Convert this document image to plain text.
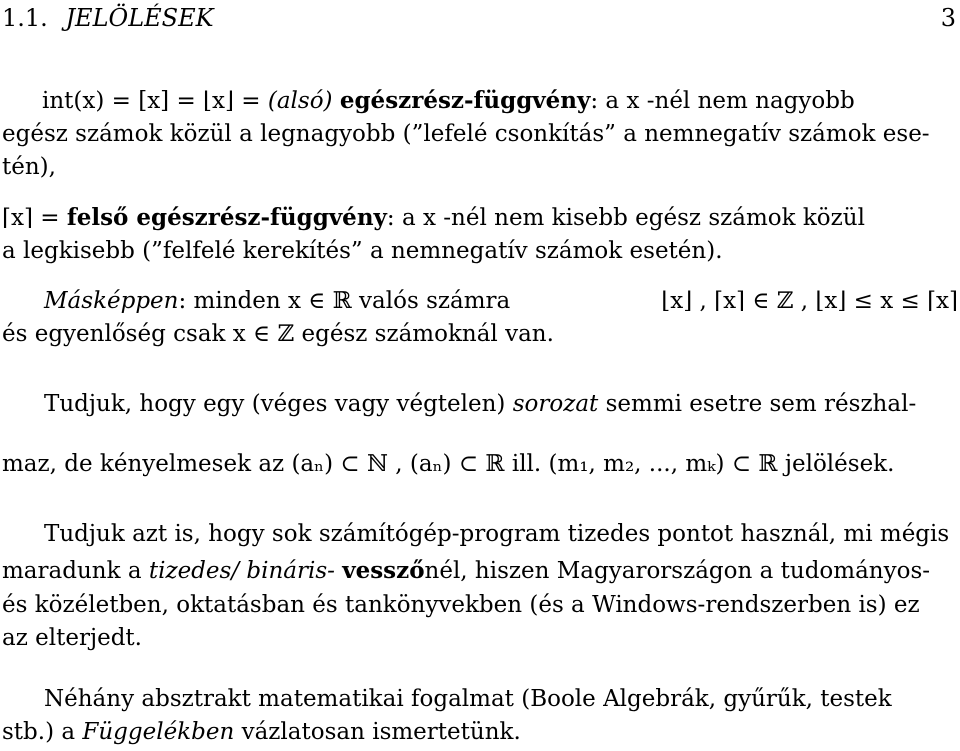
1.1. JELÖLÉSEK	3
int(x) = [x] = ⌊x⌋ = (alsó) egészrész-függvény: a x -nél nem nagyobb
egész számok közül a legnagyobb (”lefelé csonkítás” a nemnegatív számok ese-
tén),
⌈x⌉ = felső egészrész-függvény: a x -nél nem kisebb egész számok közül
a legkisebb (”felfelé kerekítés” a nemnegatív számok esetén).
Másképpen: minden x ∈ ℝ valós számra	⌊x⌋ , ⌈x⌉ ∈ ℤ , ⌊x⌋ ≤ x ≤ ⌈x⌉
és egyenlőség csak x ∈ ℤ egész számoknál van.
Tudjuk, hogy egy (véges vagy végtelen) sorozat semmi esetre sem részhal-
maz, de kényelmesek az (aₙ) ⊂ ℕ , (aₙ) ⊂ ℝ ill. (m₁, m₂, ..., mₖ) ⊂ ℝ jelölések.
Tudjuk azt is, hogy sok számítógép-program tizedes pontot használ, mi mégis
maradunk a tizedes/ bináris- vesszőnél, hiszen Magyarországon a tudományos-
és közéletben, oktatásban és tankönyvekben (és a Windows-rendszerben is) ez
az elterjedt.
Néhány absztrakt matematikai fogalmat (Boole Algebrák, gyűrűk, testek
stb.) a Függelékben vázlatosan ismertetünk.
